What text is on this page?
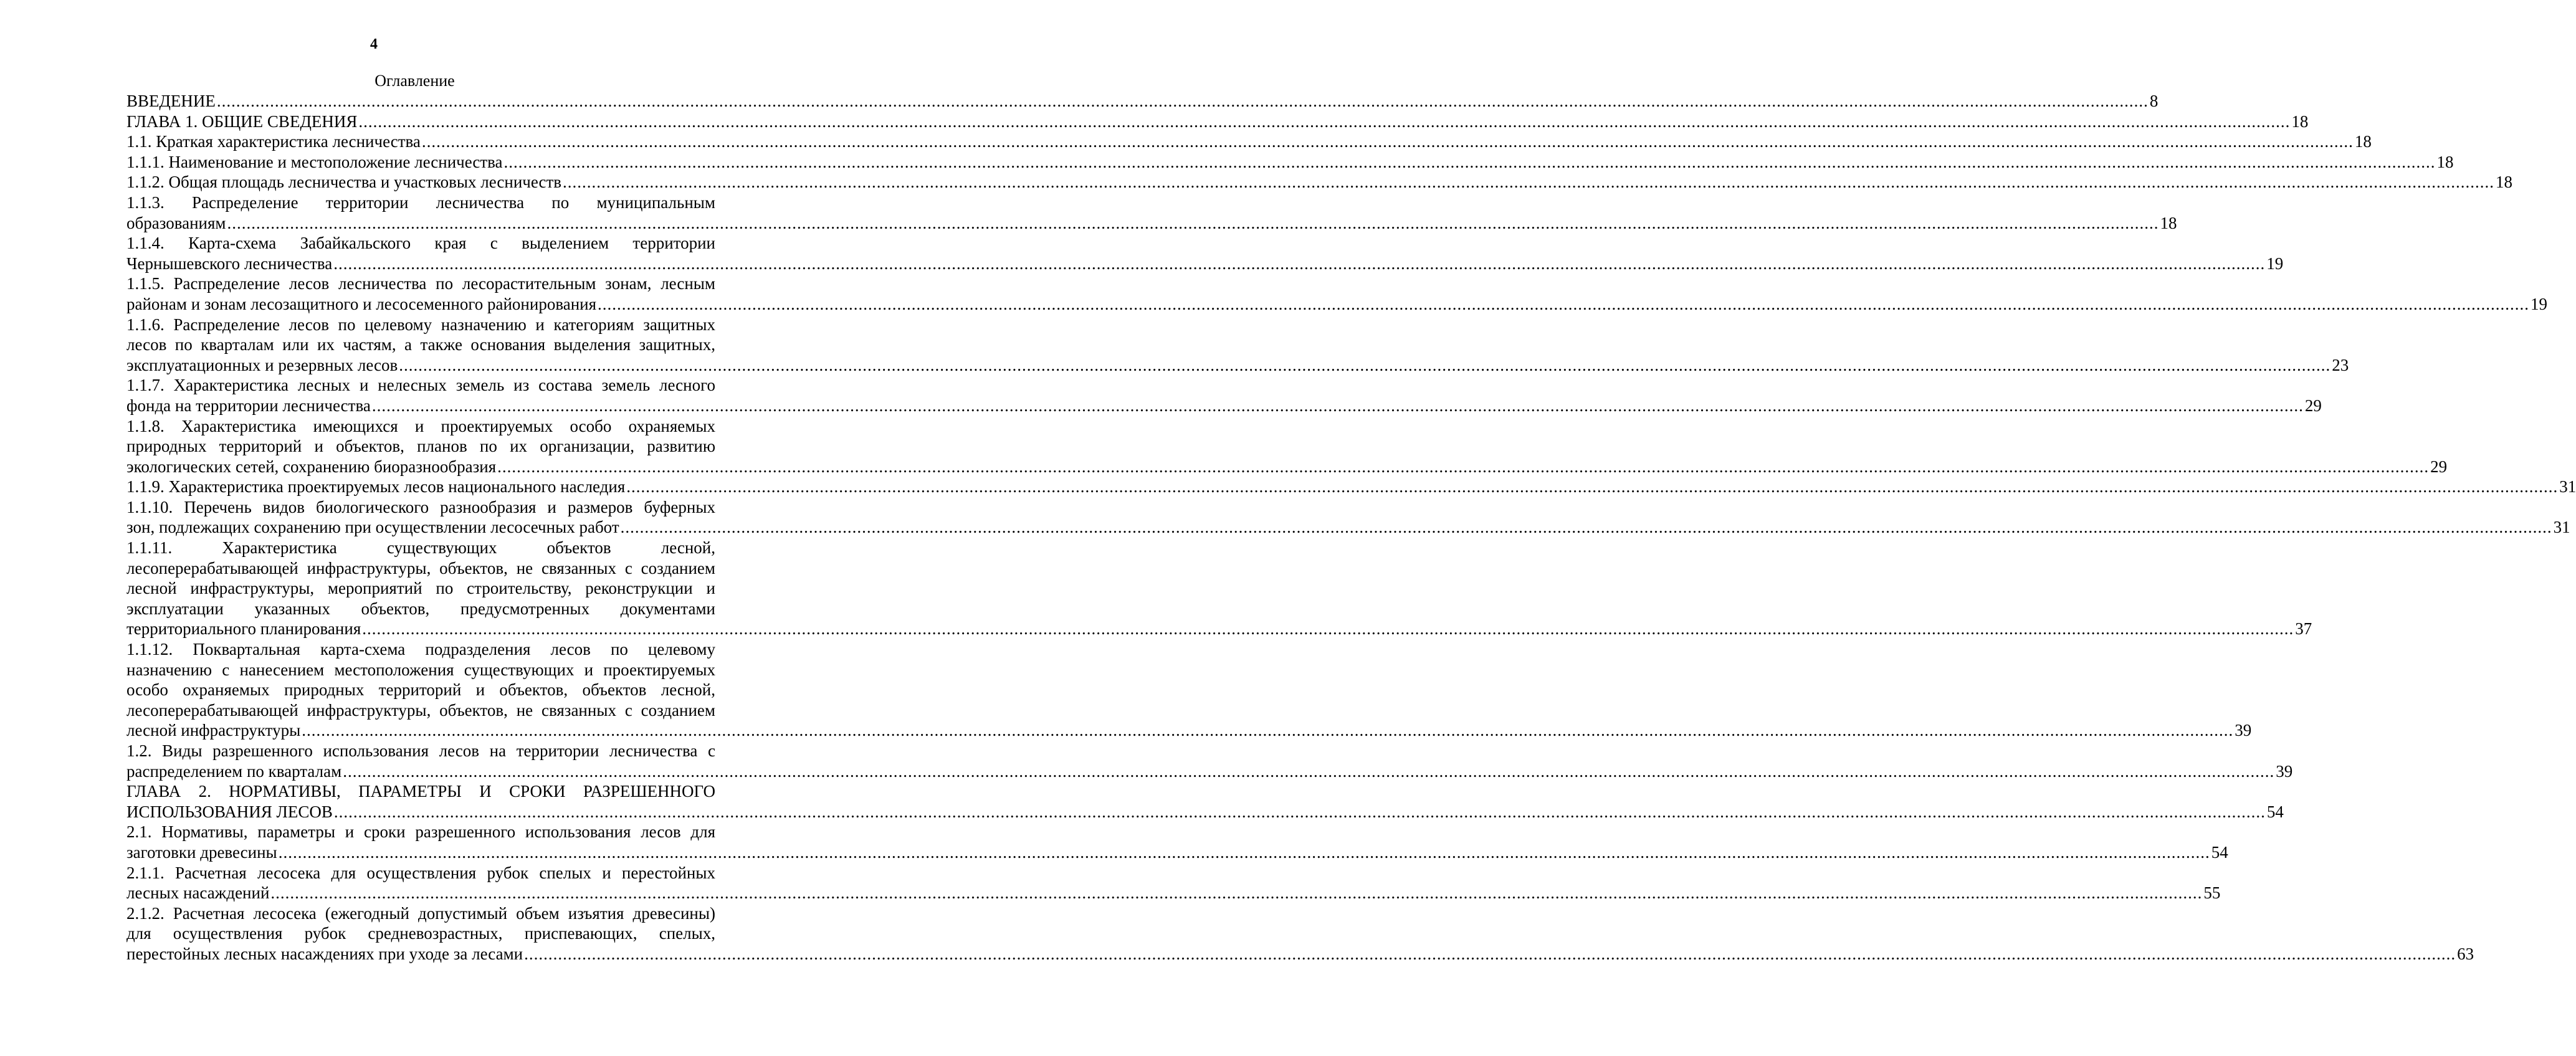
4
Оглавление
ВВЕДЕНИЕ ................................................................................................................................................................................................................................................................................................................................................................................................................ 8
ГЛАВА 1. ОБЩИЕ СВЕДЕНИЯ ................................................................................................................................................................................................................................................................................................................................................................................................................ 18
1.1. Краткая характеристика лесничества ................................................................................................................................................................................................................................................................................................................................................................................................................ 18
1.1.1. Наименование и местоположение лесничества ................................................................................................................................................................................................................................................................................................................................................................................................................ 18
1.1.2. Общая площадь лесничества и участковых лесничеств ................................................................................................................................................................................................................................................................................................................................................................................................................ 18
1.1.3. Распределение территории лесничества по муниципальным
образованиям ................................................................................................................................................................................................................................................................................................................................................................................................................ 18
1.1.4. Карта-схема Забайкальского края с выделением территории
Чернышевского лесничества ................................................................................................................................................................................................................................................................................................................................................................................................................ 19
1.1.5. Распределение лесов лесничества по лесорастительным зонам, лесным
районам и зонам лесозащитного и лесосеменного районирования ................................................................................................................................................................................................................................................................................................................................................................................................................ 19
1.1.6. Распределение лесов по целевому назначению и категориям защитных
лесов по кварталам или их частям, а также основания выделения защитных,
эксплуатационных и резервных лесов ................................................................................................................................................................................................................................................................................................................................................................................................................ 23
1.1.7. Характеристика лесных и нелесных земель из состава земель лесного
фонда на территории лесничества ................................................................................................................................................................................................................................................................................................................................................................................................................ 29
1.1.8. Характеристика имеющихся и проектируемых особо охраняемых
природных территорий и объектов, планов по их организации, развитию
экологических сетей, сохранению биоразнообразия ................................................................................................................................................................................................................................................................................................................................................................................................................ 29
1.1.9. Характеристика проектируемых лесов национального наследия ................................................................................................................................................................................................................................................................................................................................................................................................................ 31
1.1.10. Перечень видов биологического разнообразия и размеров буферных
зон, подлежащих сохранению при осуществлении лесосечных работ ................................................................................................................................................................................................................................................................................................................................................................................................................ 31
1.1.11. Характеристика существующих объектов лесной,
лесоперерабатывающей инфраструктуры, объектов, не связанных с созданием
лесной инфраструктуры, мероприятий по строительству, реконструкции и
эксплуатации указанных объектов, предусмотренных документами
территориального планирования ................................................................................................................................................................................................................................................................................................................................................................................................................ 37
1.1.12. Поквартальная карта-схема подразделения лесов по целевому
назначению с нанесением местоположения существующих и проектируемых
особо охраняемых природных территорий и объектов, объектов лесной,
лесоперерабатывающей инфраструктуры, объектов, не связанных с созданием
лесной инфраструктуры ................................................................................................................................................................................................................................................................................................................................................................................................................ 39
1.2. Виды разрешенного использования лесов на территории лесничества с
распределением по кварталам ................................................................................................................................................................................................................................................................................................................................................................................................................ 39
ГЛАВА 2. НОРМАТИВЫ, ПАРАМЕТРЫ И СРОКИ РАЗРЕШЕННОГО
ИСПОЛЬЗОВАНИЯ ЛЕСОВ ................................................................................................................................................................................................................................................................................................................................................................................................................ 54
2.1. Нормативы, параметры и сроки разрешенного использования лесов для
заготовки древесины ................................................................................................................................................................................................................................................................................................................................................................................................................ 54
2.1.1. Расчетная лесосека для осуществления рубок спелых и перестойных
лесных насаждений ................................................................................................................................................................................................................................................................................................................................................................................................................ 55
2.1.2. Расчетная лесосека (ежегодный допустимый объем изъятия древесины)
для осуществления рубок средневозрастных, приспевающих, спелых,
перестойных лесных насаждениях при уходе за лесами ................................................................................................................................................................................................................................................................................................................................................................................................................ 63
